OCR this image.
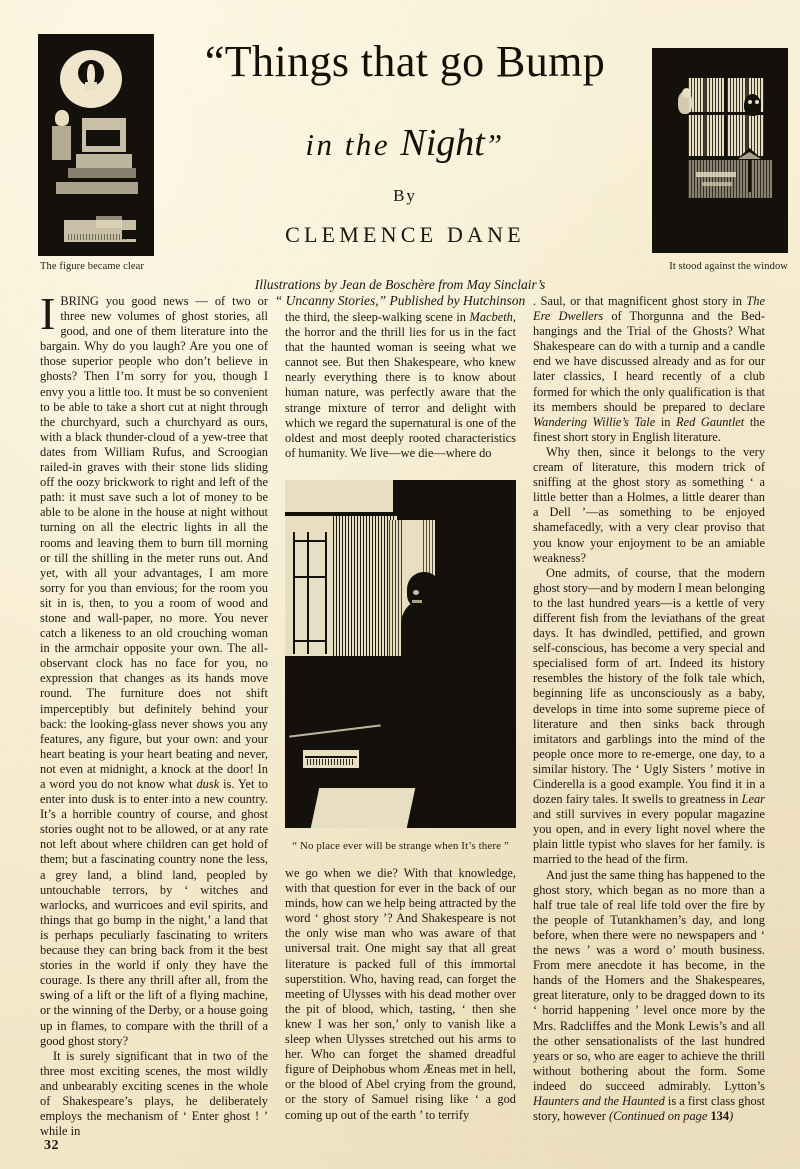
The figure became clear	It stood against the window
“Things that go Bump
in the Night”
By
CLEMENCE DANE
Illustrations by Jean de Boschère from May Sinclair’s
“ Uncanny Stories,” Published by Hutchinson

IBRING you good news — of two or three new volumes of ghost stories, all good, and one of them literature into the bargain. Why do you laugh? Are you one of those superior people who don’t believe in ghosts? Then I’m sorry for you, though I envy you a little too. It must be so convenient to be able to take a short cut at night through the churchyard, such a churchyard as ours, with a black thunder-cloud of a yew-tree that dates from William Rufus, and Scroogian railed-in graves with their stone lids sliding off the oozy brickwork to right and left of the path: it must save such a lot of money to be able to be alone in the house at night without turning on all the electric lights in all the rooms and leaving them to burn till morning or till the shilling in the meter runs out. And yet, with all your advantages, I am more sorry for you than envious; for the room you sit in is, then, to you a room of wood and stone and wall-paper, no more. You never catch a likeness to an old crouching woman in the armchair opposite your own. The all-observant clock has no face for you, no expression that changes as its hands move round. The furniture does not shift imperceptibly but definitely behind your back: the looking-glass never shows you any features, any figure, but your own: and your heart beating is your heart beating and never, not even at midnight, a knock at the door! In a word you do not know what dusk is. Yet to enter into dusk is to enter into a new country. It’s a horrible country of course, and ghost stories ought not to be allowed, or at any rate not left about where children can get hold of them; but a fascinating country none the less, a grey land, a blind land, peopled by untouchable terrors, by ‘ witches and warlocks, and wurricoes and evil spirits, and things that go bump in the night,’ a land that is perhaps peculiarly fascinating to writers because they can bring back from it the best stories in the world if only they have the courage. Is there any thrill after all, from the swing of a lift or the lift of a flying machine, or the winning of the Derby, or a house going up in flames, to compare with the thrill of a good ghost story?

It is surely significant that in two of the three most exciting scenes, the most wildly and unbearably exciting scenes in the whole of Shakespeare’s plays, he deliberately employs the mechanism of ‘ Enter ghost ! ’ while in

the third, the sleep-walking scene in Macbeth, the horror and the thrill lies for us in the fact that the haunted woman is seeing what we cannot see. But then Shakespeare, who knew nearly everything there is to know about human nature, was perfectly aware that the strange mixture of terror and delight with which we regard the supernatural is one of the oldest and most deeply rooted characteristics of humanity. We live—we die—where do

“ No place ever will be strange when It’s there ”

we go when we die? With that knowledge, with that question for ever in the back of our minds, how can we help being attracted by the word ‘ ghost story ’? And Shakespeare is not the only wise man who was aware of that universal trait. One might say that all great literature is packed full of this immortal superstition. Who, having read, can forget the meeting of Ulysses with his dead mother over the pit of blood, which, tasting, ‘ then she knew I was her son,’ only to vanish like a sleep when Ulysses stretched out his arms to her. Who can forget the shamed dreadful figure of Deiphobus whom Æneas met in hell, or the blood of Abel crying from the ground, or the story of Samuel rising like ‘ a god coming up out of the earth ’ to terrify

. Saul, or that magnificent ghost story in The Ere Dwellers of Thorgunna and the Bed-hangings and the Trial of the Ghosts? What Shakespeare can do with a turnip and a candle end we have discussed already and as for our later classics, I heard recently of a club formed for which the only qualification is that its members should be prepared to declare Wandering Willie’s Tale in Red Gauntlet the finest short story in English literature.

Why then, since it belongs to the very cream of literature, this modern trick of sniffing at the ghost story as something ‘ a little better than a Holmes, a little dearer than a Dell ’—as something to be enjoyed shamefacedly, with a very clear proviso that you know your enjoyment to be an amiable weakness?

One admits, of course, that the modern ghost story—and by modern I mean belonging to the last hundred years—is a kettle of very different fish from the leviathans of the great days. It has dwindled, pettified, and grown self-conscious, has become a very special and specialised form of art. Indeed its history resembles the history of the folk tale which, beginning life as unconsciously as a baby, develops in time into some supreme piece of literature and then sinks back through imitators and garblings into the mind of the people once more to re-emerge, one day, to a similar history. The ‘ Ugly Sisters ’ motive in Cinderella is a good example. You find it in a dozen fairy tales. It swells to greatness in Lear and still survives in every popular magazine you open, and in every light novel where the plain little typist who slaves for her family. is married to the head of the firm.

And just the same thing has happened to the ghost story, which began as no more than a half true tale of real life told over the fire by the people of Tutankhamen’s day, and long before, when there were no newspapers and ‘ the news ’ was a word o’ mouth business. From mere anecdote it has become, in the hands of the Homers and the Shakespeares, great literature, only to be dragged down to its ‘ horrid happening ’ level once more by the Mrs. Radcliffes and the Monk Lewis’s and all the other sensationalists of the last hundred years or so, who are eager to achieve the thrill without bothering about the form. Some indeed do succeed admirably. Lytton’s Haunters and the Haunted is a first class ghost story, however (Continued on page 134)

32
